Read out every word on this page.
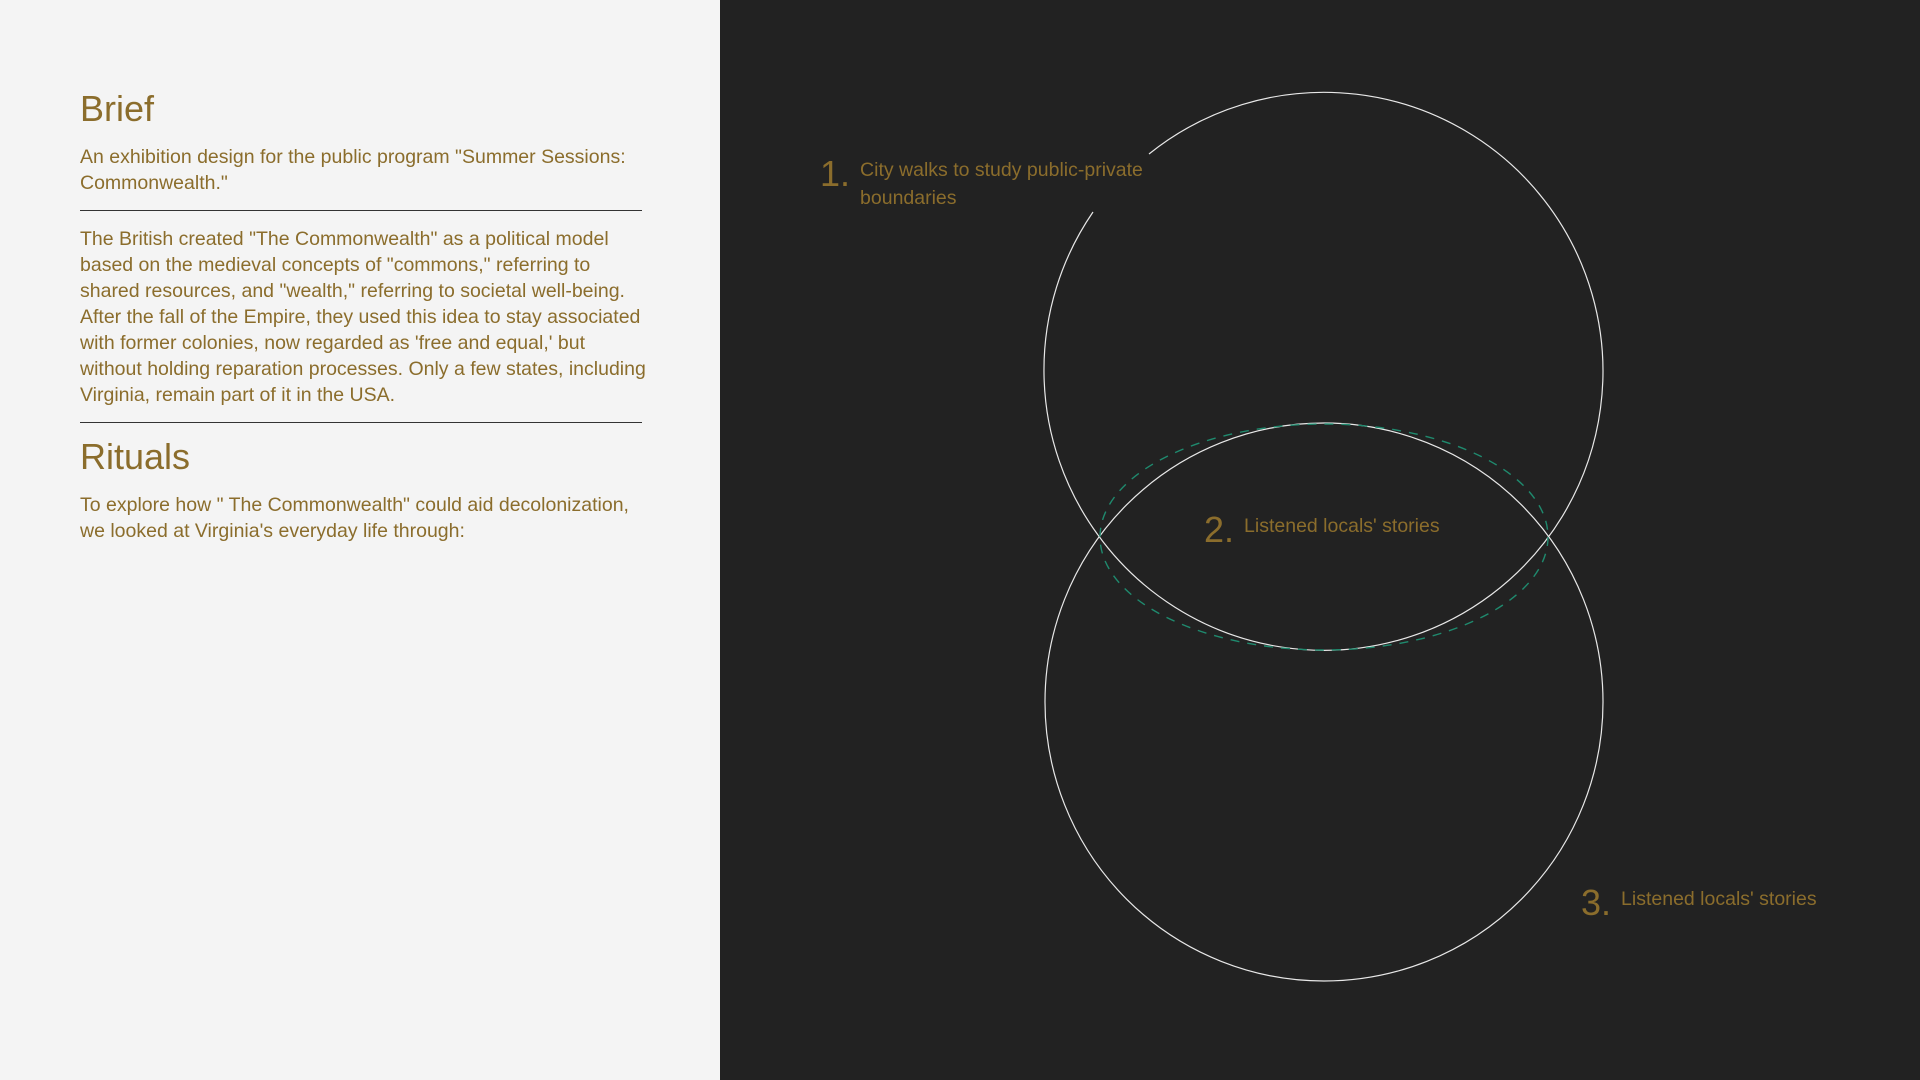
Brief

An exhibition design for the public program "Summer Sessions: Commonwealth."

The British created "The Commonwealth" as a political model based on the medieval concepts of "commons," referring to shared resources, and "wealth," referring to societal well-being. After the fall of the Empire, they used this idea to stay associated with former colonies, now regarded as 'free and equal,' but without holding reparation processes. Only a few states, including Virginia, remain part of it in the USA.

Rituals

To explore how " The Commonwealth" could aid decolonization, we looked at Virginia's everyday life through:

1. City walks to study public-private boundaries
2. Listened locals' stories
3. Listened locals' stories
